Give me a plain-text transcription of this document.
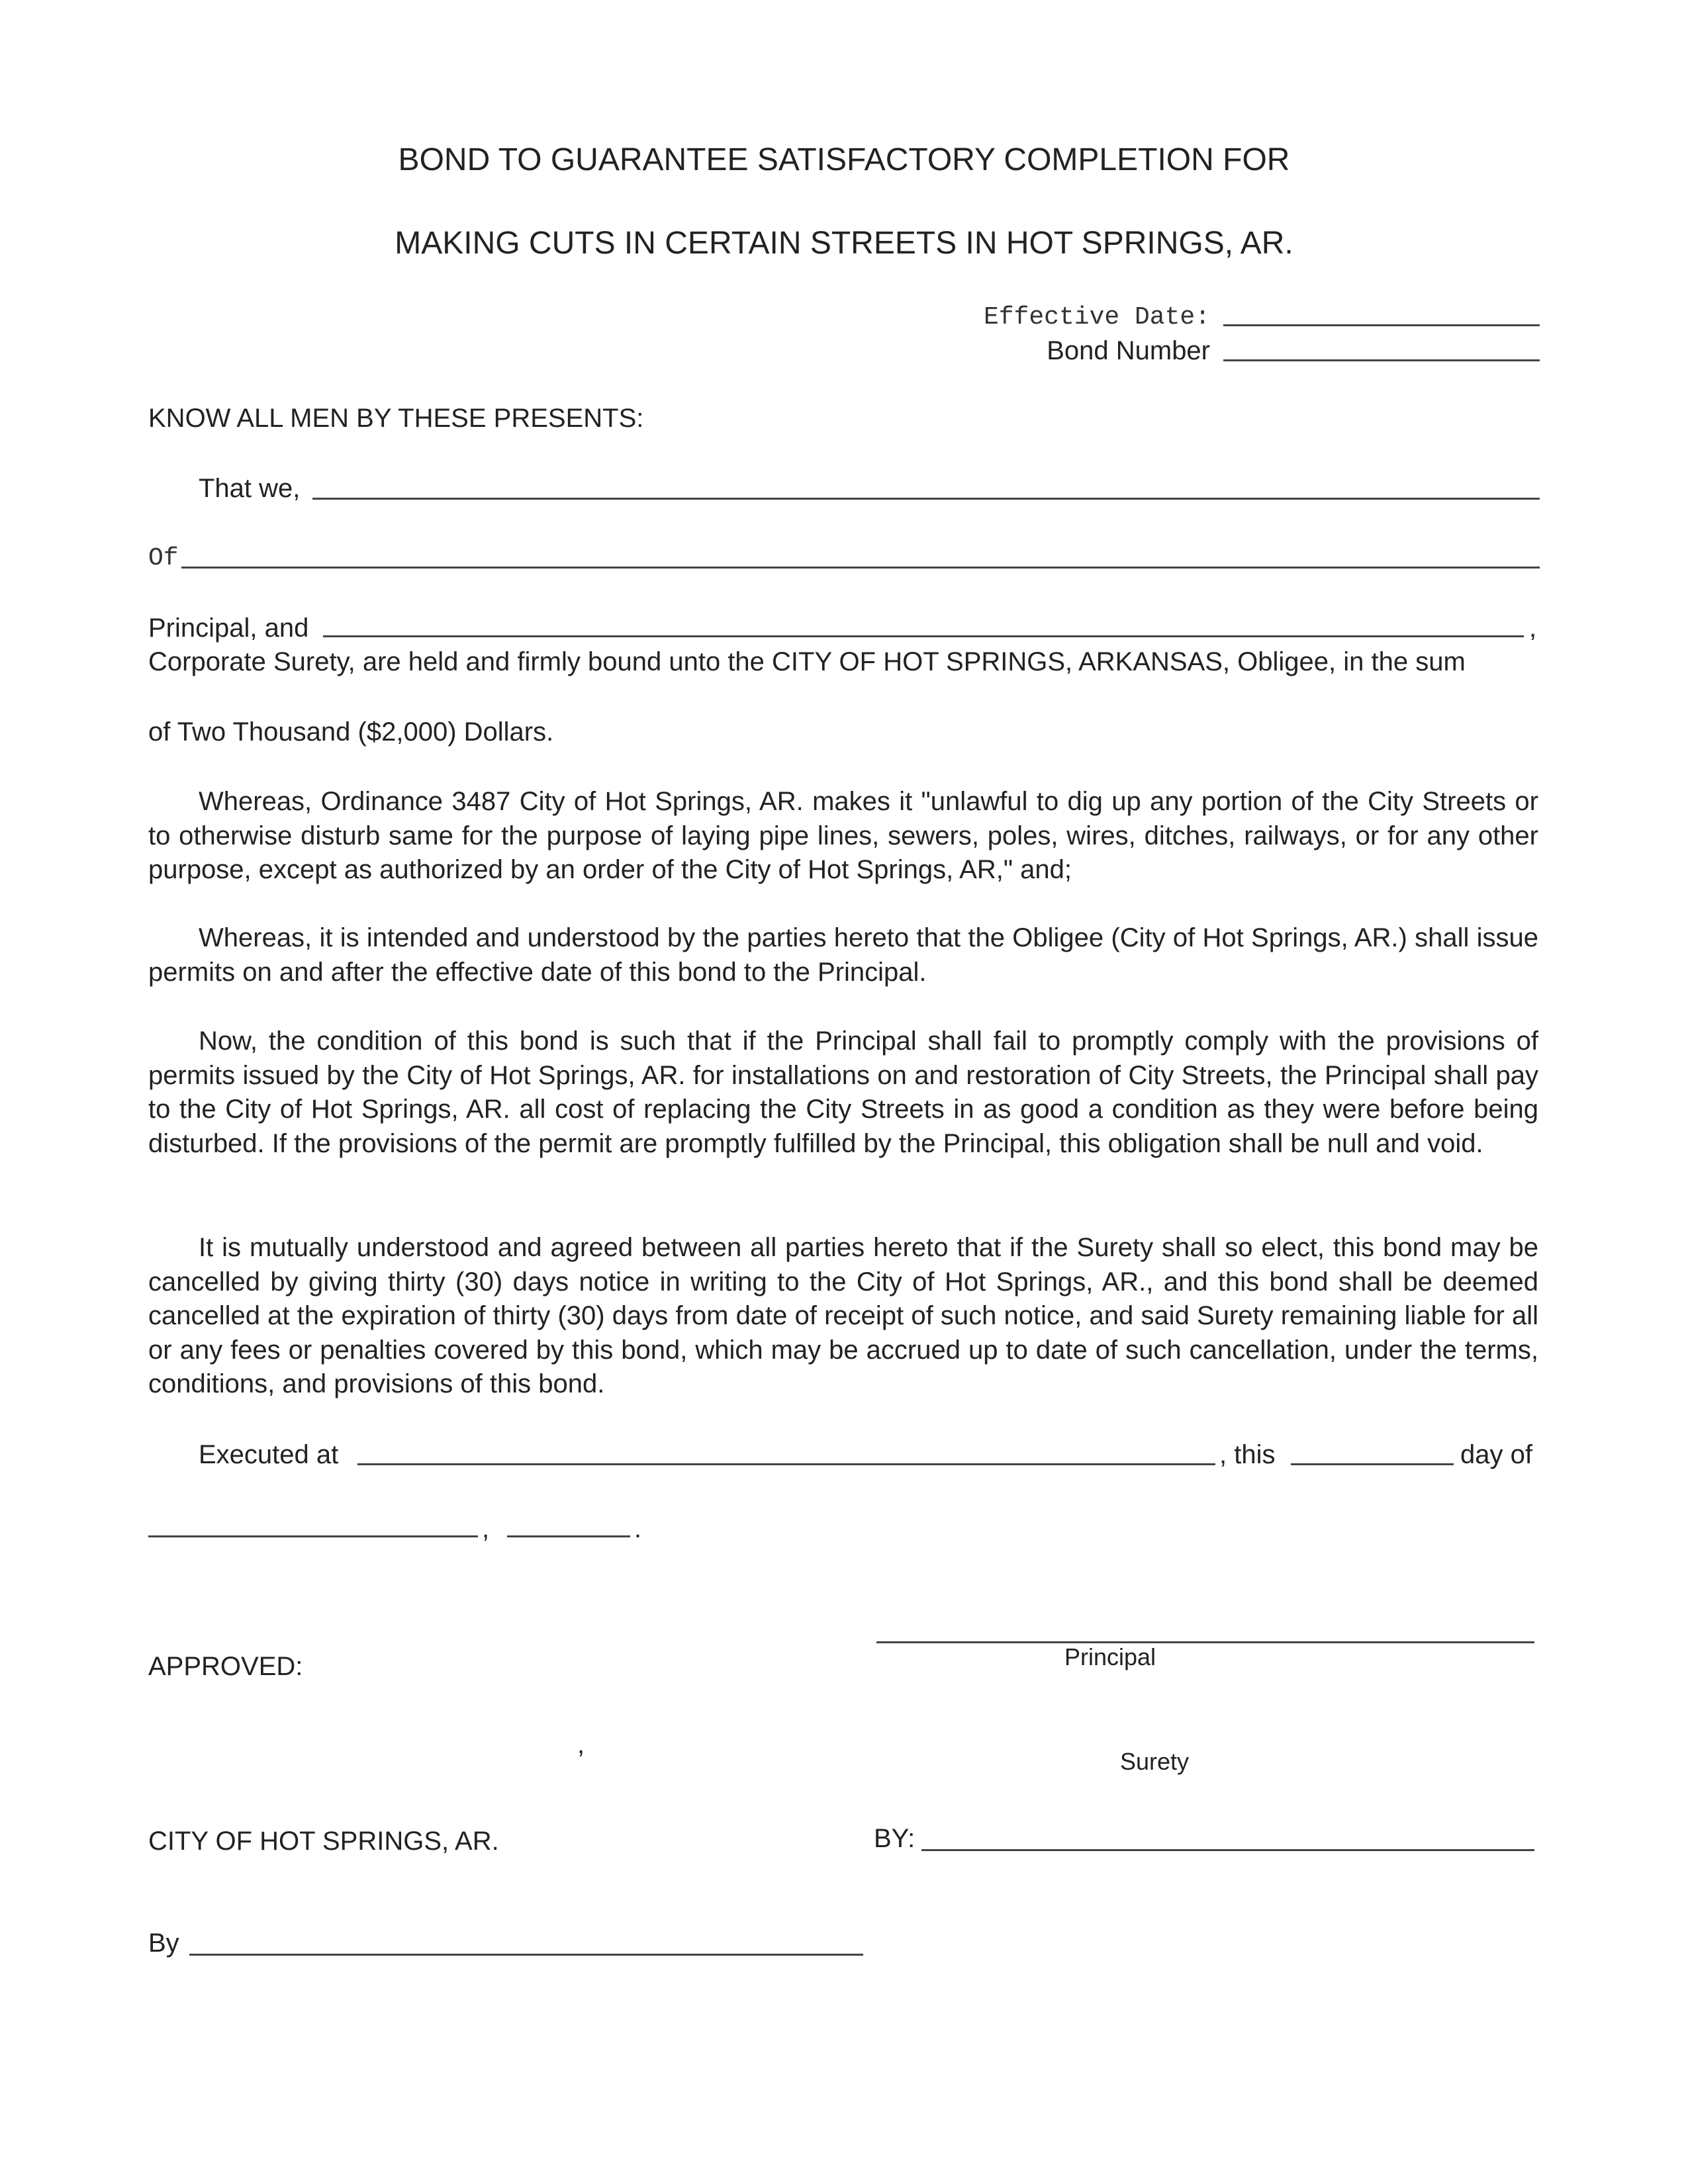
BOND TO GUARANTEE SATISFACTORY COMPLETION FOR
MAKING CUTS IN CERTAIN STREETS IN HOT SPRINGS, AR.
Effective Date:
Bond Number
KNOW ALL MEN BY THESE PRESENTS:
That we,
Of
Principal, and	,
Corporate Surety, are held and firmly bound unto the CITY OF HOT SPRINGS, ARKANSAS, Obligee, in the sum
of Two Thousand ($2,000) Dollars.
Whereas, Ordinance 3487 City of Hot Springs, AR. makes it "unlawful to dig up any portion of the City Streets or to otherwise disturb same for the purpose of laying pipe lines, sewers, poles, wires, ditches, railways, or for any other purpose, except as authorized by an order of the City of Hot Springs, AR," and;
Whereas, it is intended and understood by the parties hereto that the Obligee (City of Hot Springs, AR.) shall issue permits on and after the effective date of this bond to the Principal.
Now, the condition of this bond is such that if the Principal shall fail to promptly comply with the provisions of permits issued by the City of Hot Springs, AR. for installations on and restoration of City Streets, the Principal shall pay to the City of Hot Springs, AR. all cost of replacing the City Streets in as good a condition as they were before being disturbed. If the provisions of the permit are promptly fulfilled by the Principal, this obligation shall be null and void.
It is mutually understood and agreed between all parties hereto that if the Surety shall so elect, this bond may be cancelled by giving thirty (30) days notice in writing to the City of Hot Springs, AR., and this bond shall be deemed cancelled at the expiration of thirty (30) days from date of receipt of such notice, and said Surety remaining liable for all or any fees or penalties covered by this bond, which may be accrued up to date of such cancellation, under the terms, conditions, and provisions of this bond.
Executed at	, this	day of
,	.
Principal
APPROVED:
,
Surety
CITY OF HOT SPRINGS, AR.	BY:
By
